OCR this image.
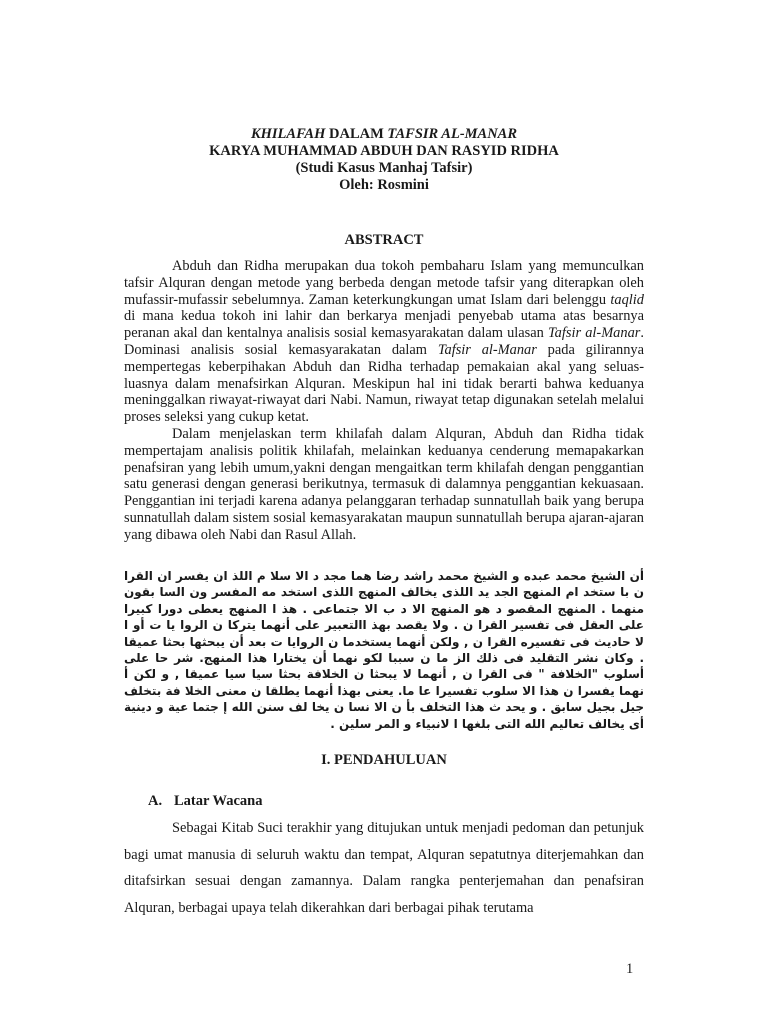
KHILAFAH DALAM TAFSIR AL-MANAR
KARYA MUHAMMAD ABDUH DAN RASYID RIDHA
(Studi Kasus Manhaj Tafsir)
Oleh: Rosmini
ABSTRACT

Abduh dan Ridha merupakan dua tokoh pembaharu Islam yang memunculkan tafsir Alquran dengan metode yang berbeda dengan metode tafsir yang diterapkan oleh mufassir-mufassir sebelumnya. Zaman keterkungkungan umat Islam dari belenggu taqlid di mana kedua tokoh ini lahir dan berkarya menjadi penyebab utama atas besarnya peranan akal dan kentalnya analisis sosial kemasyarakatan dalam ulasan Tafsir al-Manar. Dominasi analisis sosial kemasyarakatan dalam Tafsir al-Manar pada gilirannya mempertegas keberpihakan Abduh dan Ridha terhadap pemakaian akal yang seluas-luasnya dalam menafsirkan Alquran. Meskipun hal ini tidak berarti bahwa keduanya meninggalkan riwayat-riwayat dari Nabi. Namun, riwayat tetap digunakan setelah melalui proses seleksi yang cukup ketat.

Dalam menjelaskan term khilafah dalam Alquran, Abduh dan Ridha tidak mempertajam analisis politik khilafah, melainkan keduanya cenderung memapakarkan penafsiran yang lebih umum,yakni dengan mengaitkan term khilafah dengan penggantian satu generasi dengan generasi berikutnya, termasuk di dalamnya penggantian kekuasaan. Penggantian ini terjadi karena adanya pelanggaran terhadap sunnatullah baik yang berupa sunnatullah dalam sistem sosial kemasyarakatan maupun sunnatullah berupa ajaran-ajaran yang dibawa oleh Nabi dan Rasul Allah.

أن الشيخ محمد عبده و الشيخ محمد راشد رضا هما مجد د الا سلا م اللذ ان يفسر ان القرا ن با ستخد ام المنهج الجد يد اللذى يخالف المنهج اللذى استخد مه المفسر ون السا بقون منهما . المنهج المقصو د هو المنهج الا د ب الا جتماعى . هذ ا المنهج يعطى دورا كبيرا على العقل فى تفسير القرا ن . ولا يقصد بهذ االتعبير على أنهما يتركا ن الروا يا ت أو ا لا حاديث فى تفسيره القرا ن , ولكن أنهما يستخدما ن الروايا ت بعد أن يبحثها بحثا عميقا . وكان نشر التقليد فى ذلك الز ما ن سببا لكو نهما أن يختارا هذا المنهج. شر حا على أسلوب "الخلافة " فى القرا ن , أنهما لا يبحثا ن الخلافة بحثا سيا سيا عميقا , و لكن أ نهما يفسرا ن هذا الا سلوب تفسيرا عا ما. يعنى بهذا أنهما يطلقا ن معنى الخلا فة بتخلف جيل بجيل سابق . و يحد ث هذا التخلف بأ ن الا نسا ن يخا لف سنن الله إ جتما عية و دينية أى يخالف تعاليم الله التى بلغها ا لانبياء و المر سلين .
I. PENDAHULUAN
A. Latar Wacana
Sebagai Kitab Suci terakhir yang ditujukan untuk menjadi pedoman dan petunjuk bagi umat manusia di seluruh waktu dan tempat, Alquran sepatutnya diterjemahkan dan ditafsirkan sesuai dengan zamannya. Dalam rangka penterjemahan dan penafsiran Alquran, berbagai upaya telah dikerahkan dari berbagai pihak terutama
1
